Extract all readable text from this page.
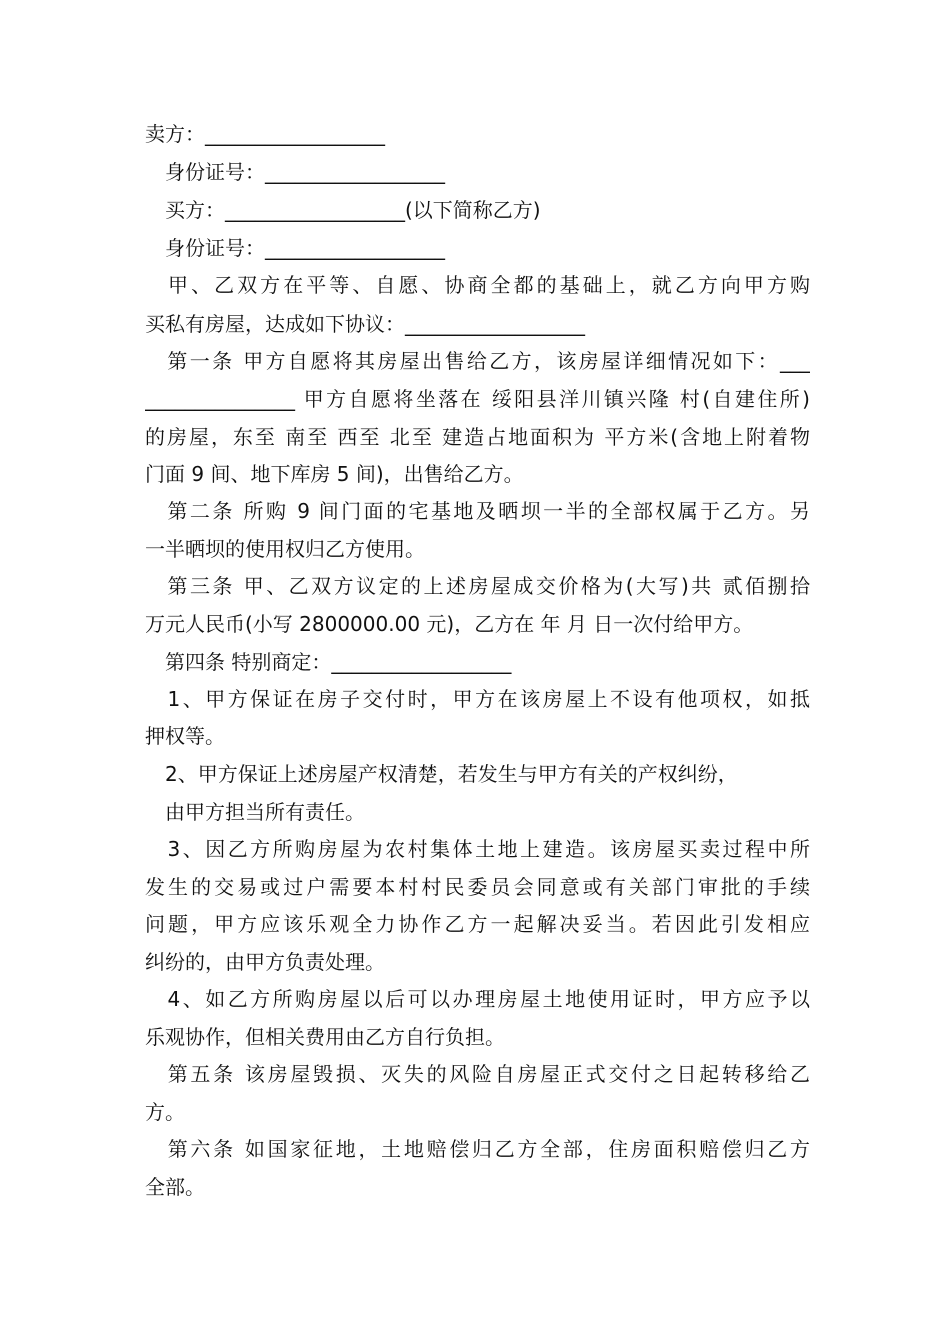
卖方：__________________
　身份证号：__________________
　买方：__________________(以下简称乙方)
　身份证号：__________________
　甲、乙双方在平等、自愿、协商全都的基础上，就乙方向甲方购
买私有房屋，达成如下协议：__________________
　第一条 甲方自愿将其房屋出售给乙方，该房屋详细情况如下：___
_______________ 甲方自愿将坐落在 绥阳县洋川镇兴隆 村(自建住所)
的房屋，东至 南至 西至 北至 建造占地面积为 平方米(含地上附着物
门面 9 间、地下库房 5 间)，出售给乙方。
　第二条 所购 9 间门面的宅基地及晒坝一半的全部权属于乙方。另
一半晒坝的使用权归乙方使用。
　第三条 甲、乙双方议定的上述房屋成交价格为(大写)共 贰佰捌拾
万元人民币(小写 2800000.00 元)，乙方在 年 月 日一次付给甲方。
　第四条 特别商定：__________________
　1、甲方保证在房子交付时，甲方在该房屋上不设有他项权，如抵
押权等。
　2、甲方保证上述房屋产权清楚，若发生与甲方有关的产权纠纷，
　由甲方担当所有责任。
　3、因乙方所购房屋为农村集体土地上建造。该房屋买卖过程中所
发生的交易或过户需要本村村民委员会同意或有关部门审批的手续
问题，甲方应该乐观全力协作乙方一起解决妥当。若因此引发相应
纠纷的，由甲方负责处理。
　4、如乙方所购房屋以后可以办理房屋土地使用证时，甲方应予以
乐观协作，但相关费用由乙方自行负担。
　第五条 该房屋毁损、灭失的风险自房屋正式交付之日起转移给乙
方。
　第六条 如国家征地，土地赔偿归乙方全部，住房面积赔偿归乙方
全部。
